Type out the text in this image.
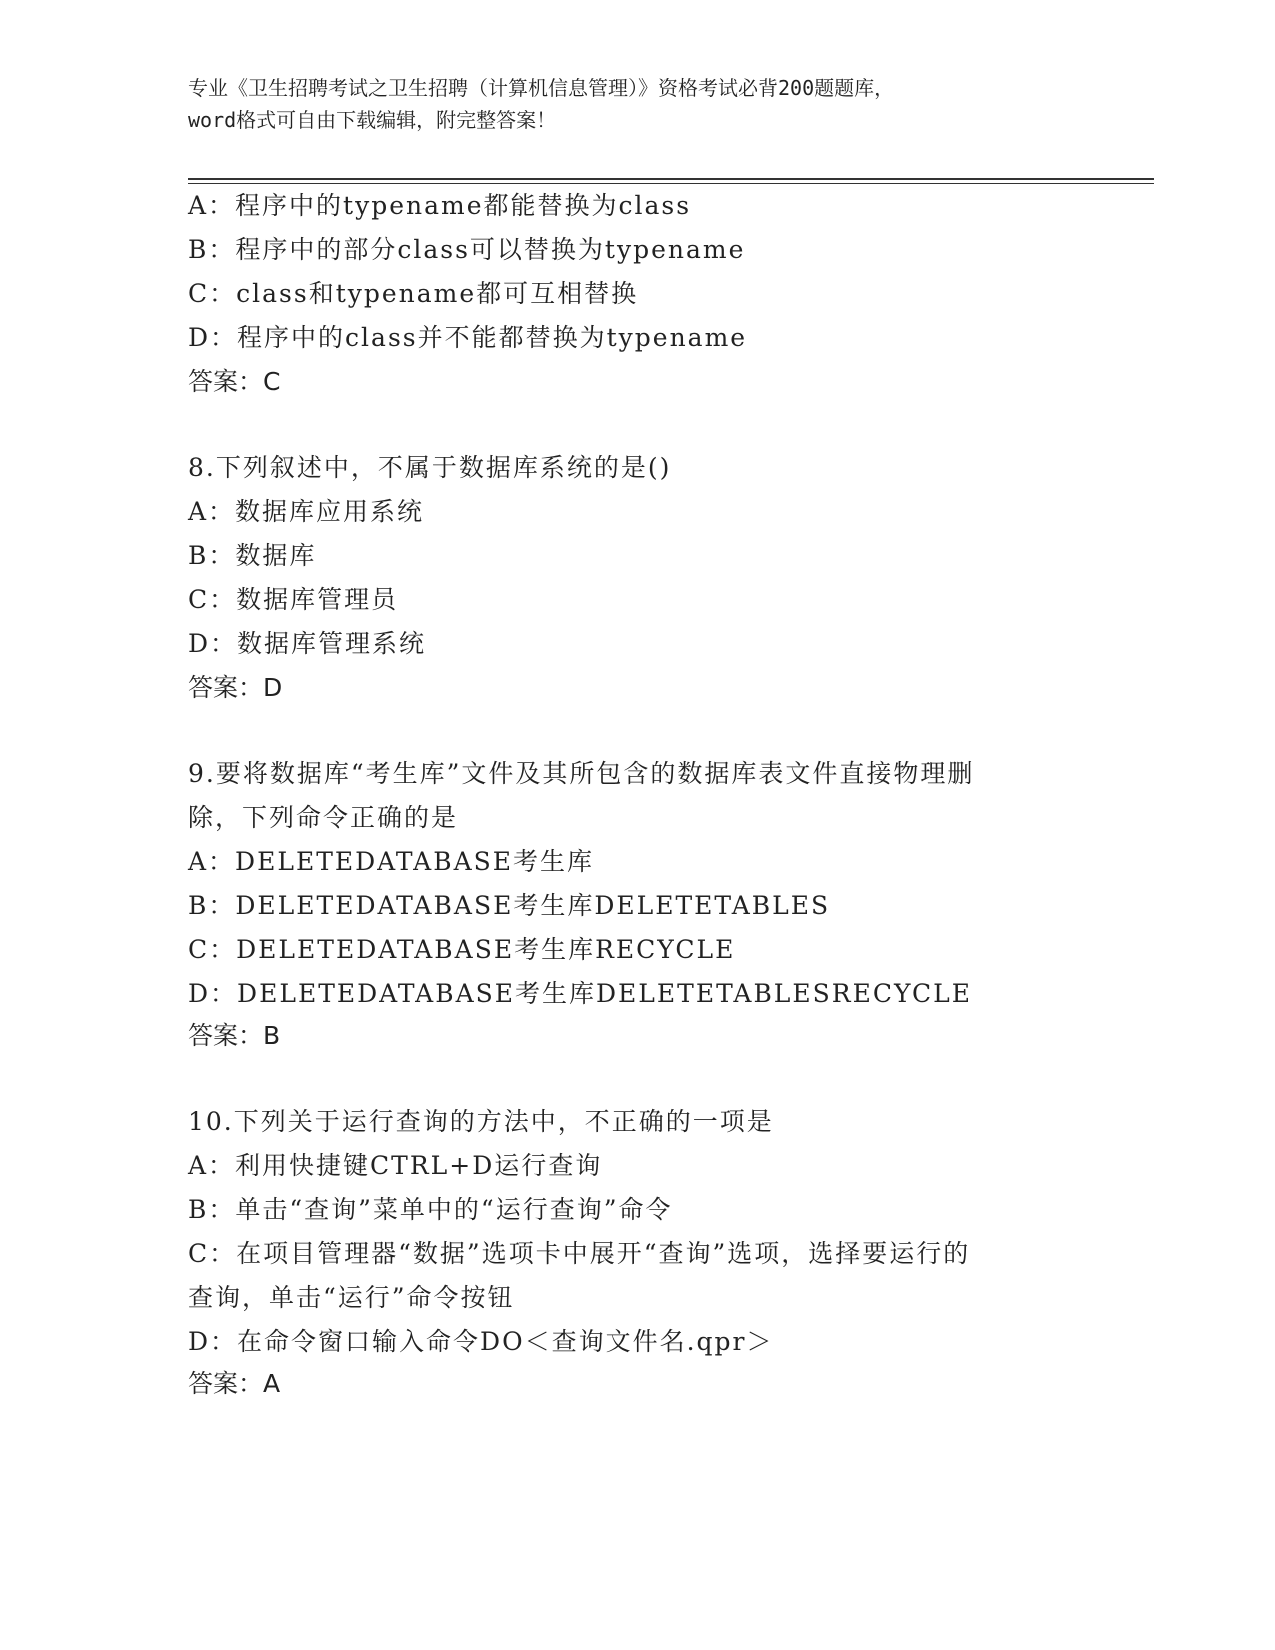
专业《卫生招聘考试之卫生招聘（计算机信息管理）》资格考试必背200题题库，
word格式可自由下载编辑，附完整答案！
A：程序中的typename都能替换为class
B：程序中的部分class可以替换为typename
C：class和typename都可互相替换
D：程序中的class并不能都替换为typename
答案：C
8.下列叙述中，不属于数据库系统的是()
A：数据库应用系统
B：数据库
C：数据库管理员
D：数据库管理系统
答案：D
9.要将数据库“考生库”文件及其所包含的数据库表文件直接物理删
除，下列命令正确的是
A：DELETEDATABASE考生库
B：DELETEDATABASE考生库DELETETABLES
C：DELETEDATABASE考生库RECYCLE
D：DELETEDATABASE考生库DELETETABLESRECYCLE
答案：B
10.下列关于运行查询的方法中，不正确的一项是
A：利用快捷键CTRL+D运行查询
B：单击“查询”菜单中的“运行查询”命令
C：在项目管理器“数据”选项卡中展开“查询”选项，选择要运行的
查询，单击“运行”命令按钮
D：在命令窗口输入命令DO＜查询文件名.qpr＞
答案：A
